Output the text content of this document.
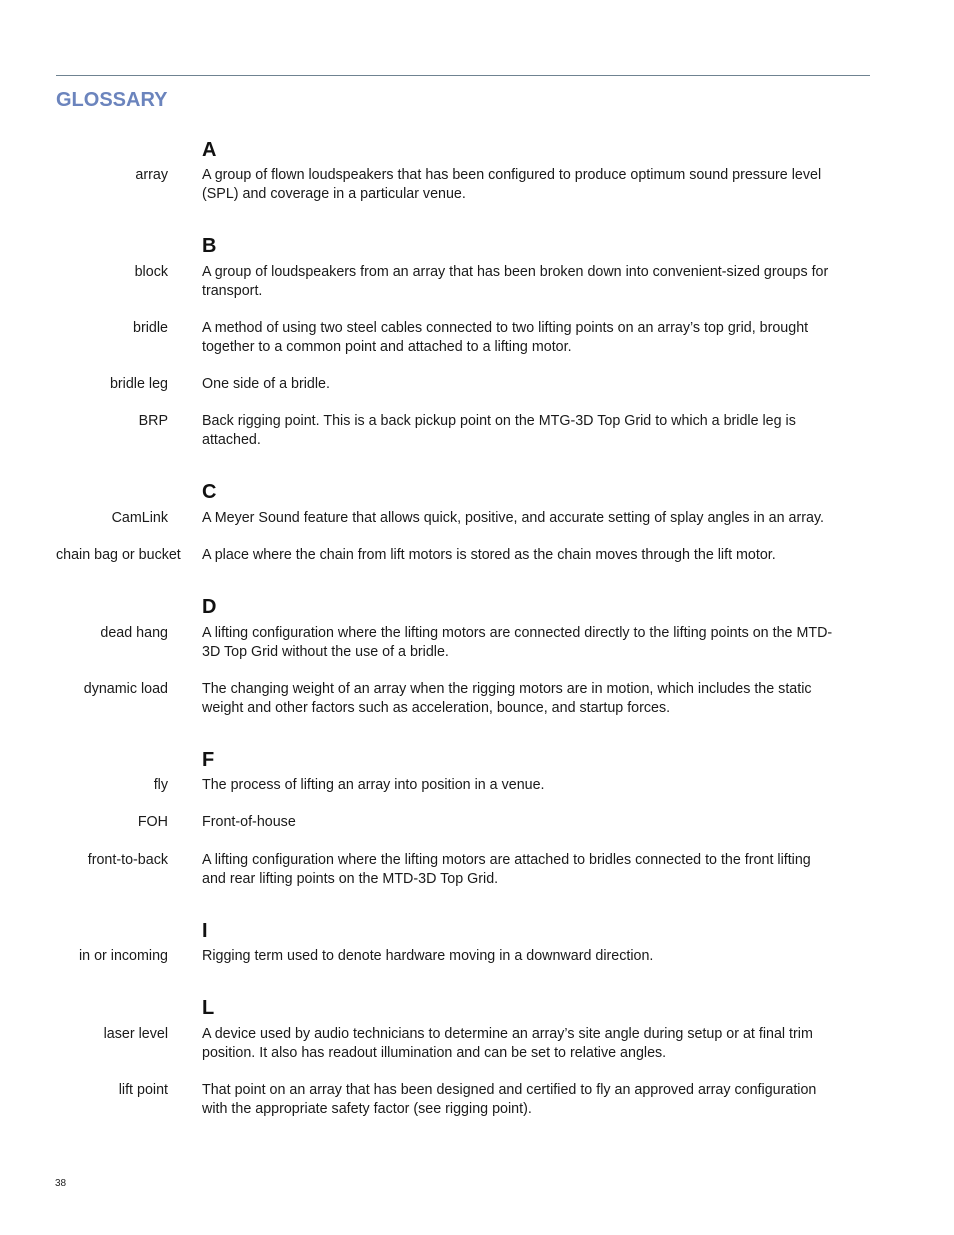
GLOSSARY
A
array A group of flown loudspeakers that has been configured to produce optimum sound pressure level
(SPL) and coverage in a particular venue.
B
block A group of loudspeakers from an array that has been broken down into convenient-sized groups for
transport.
bridle A method of using two steel cables connected to two lifting points on an array’s top grid, brought
together to a common point and attached to a lifting motor.
bridle leg One side of a bridle.
BRP Back rigging point. This is a back pickup point on the MTG-3D Top Grid to which a bridle leg is
attached.
C
CamLink A Meyer Sound feature that allows quick, positive, and accurate setting of splay angles in an array.
chain bag or bucket A place where the chain from lift motors is stored as the chain moves through the lift motor.
D
dead hang A lifting configuration where the lifting motors are connected directly to the lifting points on the MTD-
3D Top Grid without the use of a bridle.
dynamic load The changing weight of an array when the rigging motors are in motion, which includes the static
weight and other factors such as acceleration, bounce, and startup forces.
F
fly The process of lifting an array into position in a venue.
FOH Front-of-house
front-to-back A lifting configuration where the lifting motors are attached to bridles connected to the front lifting
and rear lifting points on the MTD-3D Top Grid.
I
in or incoming Rigging term used to denote hardware moving in a downward direction.
L
laser level A device used by audio technicians to determine an array’s site angle during setup or at final trim
position. It also has readout illumination and can be set to relative angles.
lift point That point on an array that has been designed and certified to fly an approved array configuration
with the appropriate safety factor (see rigging point).
38
